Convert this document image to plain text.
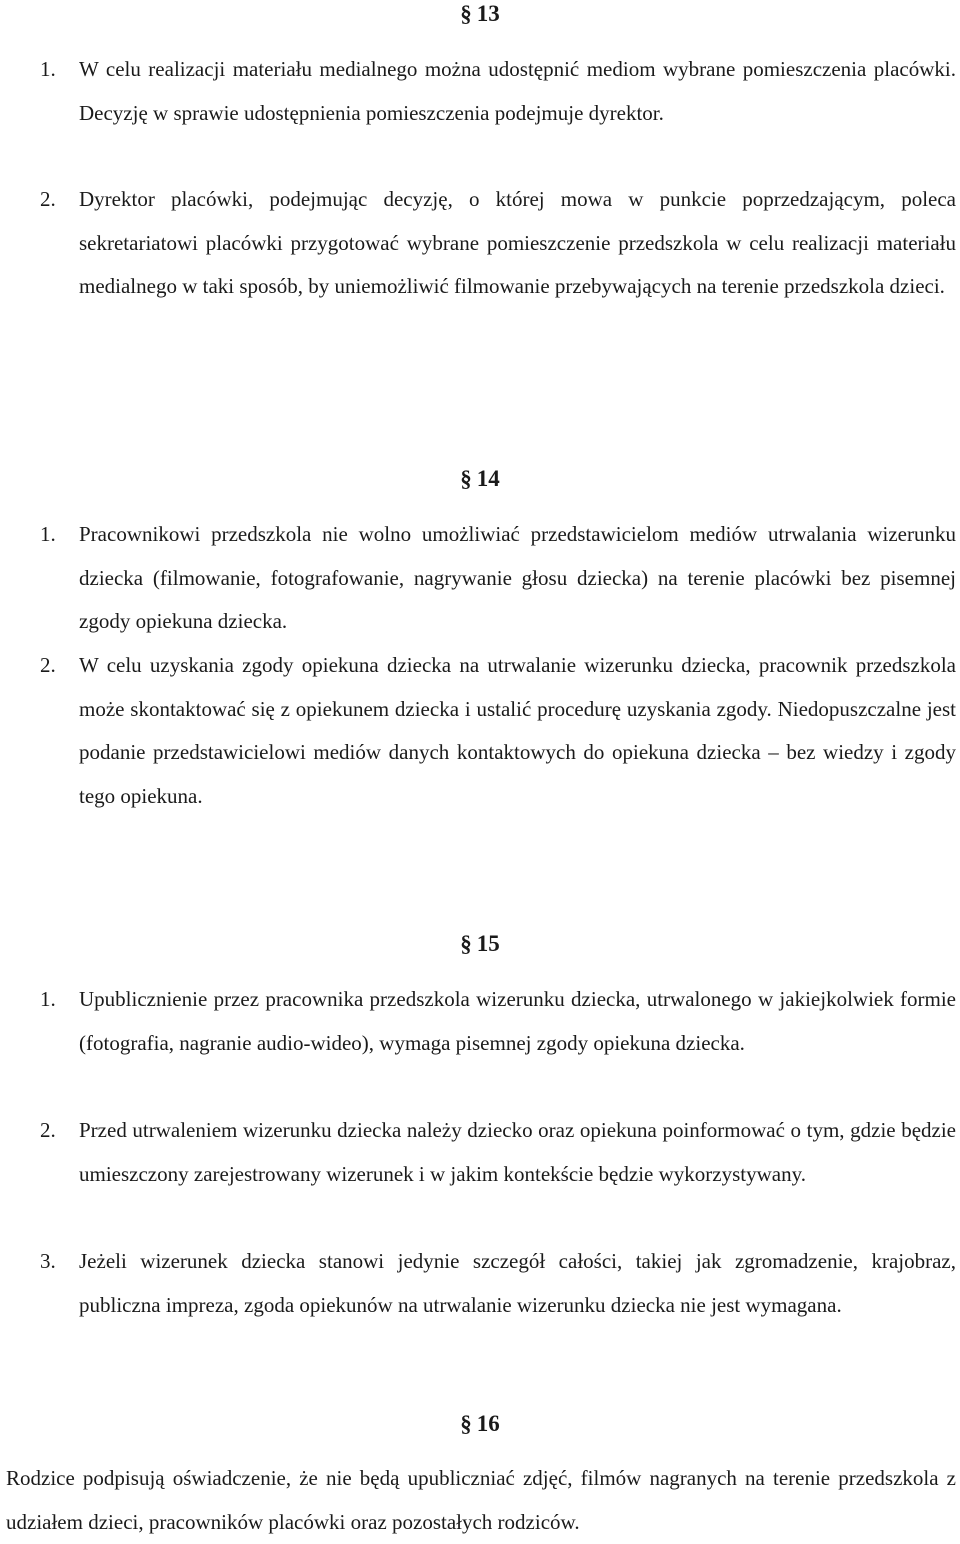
§ 13

1. W celu realizacji materiału medialnego można udostępnić mediom wybrane pomieszczenia placówki. Decyzję w sprawie udostępnienia pomieszczenia podejmuje dyrektor.

2. Dyrektor placówki, podejmując decyzję, o której mowa w punkcie poprzedzającym, poleca sekretariatowi placówki przygotować wybrane pomieszczenie przedszkola w celu realizacji materiału medialnego w taki sposób, by uniemożliwić filmowanie przebywających na terenie przedszkola dzieci.

§ 14

1. Pracownikowi przedszkola nie wolno umożliwiać przedstawicielom mediów utrwalania wizerunku dziecka (filmowanie, fotografowanie, nagrywanie głosu dziecka) na terenie placówki bez pisemnej zgody opiekuna dziecka.

2. W celu uzyskania zgody opiekuna dziecka na utrwalanie wizerunku dziecka, pracownik przedszkola może skontaktować się z opiekunem dziecka i ustalić procedurę uzyskania zgody. Niedopuszczalne jest podanie przedstawicielowi mediów danych kontaktowych do opiekuna dziecka – bez wiedzy i zgody tego opiekuna.

§ 15

1. Upublicznienie przez pracownika przedszkola wizerunku dziecka, utrwalonego w jakiejkolwiek formie (fotografia, nagranie audio-wideo), wymaga pisemnej zgody opiekuna dziecka.

2. Przed utrwaleniem wizerunku dziecka należy dziecko oraz opiekuna poinformować o tym, gdzie będzie umieszczony zarejestrowany wizerunek i w jakim kontekście będzie wykorzystywany.

3. Jeżeli wizerunek dziecka stanowi jedynie szczegół całości, takiej jak zgromadzenie, krajobraz, publiczna impreza, zgoda opiekunów na utrwalanie wizerunku dziecka nie jest wymagana.

§ 16

Rodzice podpisują oświadczenie, że nie będą upubliczniać zdjęć, filmów nagranych na terenie przedszkola z udziałem dzieci, pracowników placówki oraz pozostałych rodziców.
